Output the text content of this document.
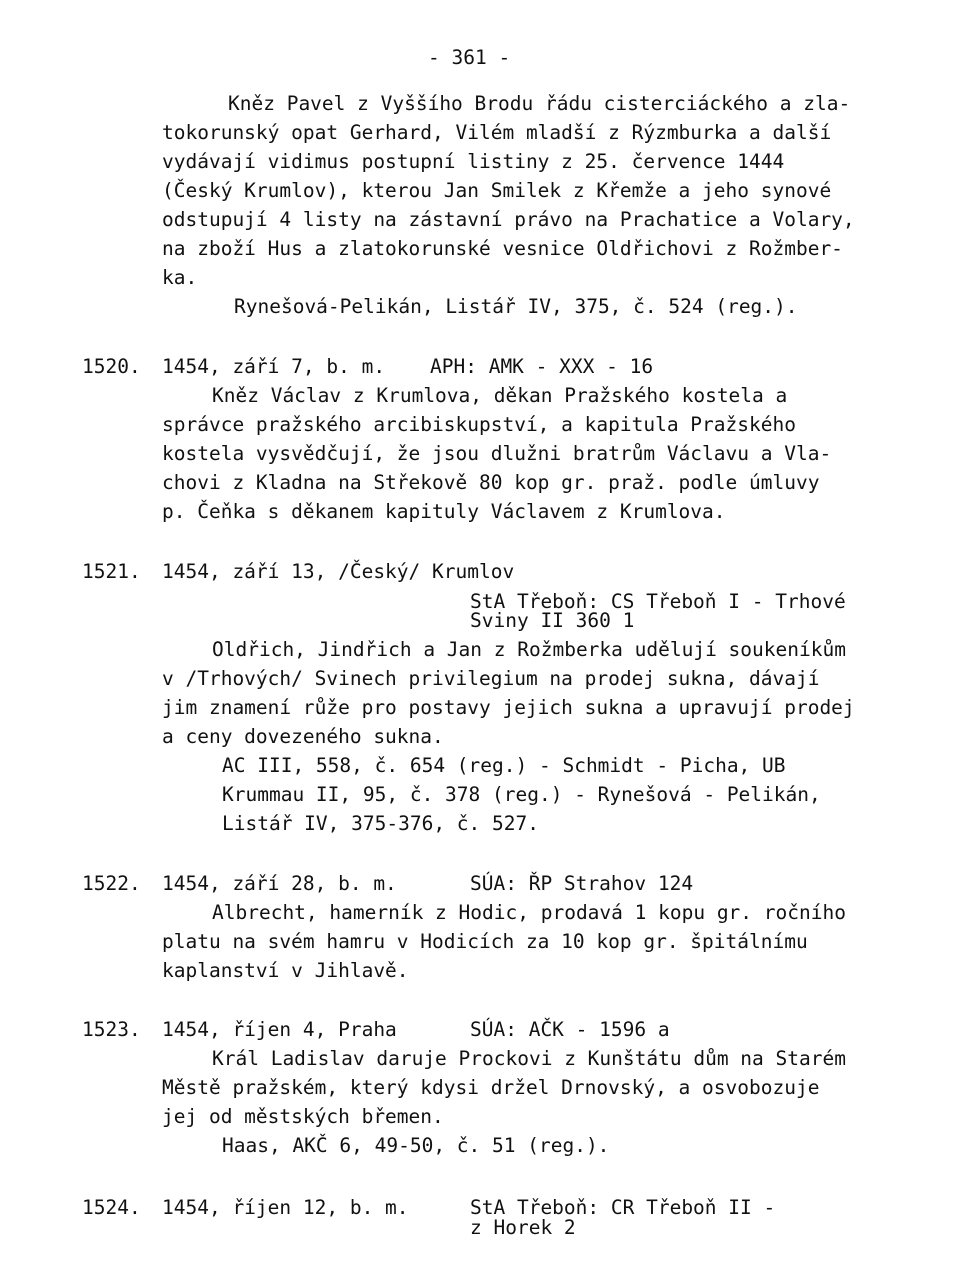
- 361 -
Kněz Pavel z Vyššího Brodu řádu cisterciáckého a zla-
tokorunský opat Gerhard, Vilém mladší z Rýzmburka a další
vydávají vidimus postupní listiny z 25. července 1444
(Český Krumlov), kterou Jan Smilek z Křemže a jeho synové
odstupují 4 listy na zástavní právo na Prachatice a Volary,
na zboží Hus a zlatokorunské vesnice Oldřichovi z Rožmber-
ka.
Rynešová-Pelikán, Listář IV, 375, č. 524 (reg.).
1520. 1454, září 7, b. m. APH: AMK - XXX - 16
Kněz Václav z Krumlova, děkan Pražského kostela a
správce pražského arcibiskupství, a kapitula Pražského
kostela vysvědčují, že jsou dlužni bratrům Václavu a Vla-
chovi z Kladna na Střekově 80 kop gr. praž. podle úmluvy
p. Čeňka s děkanem kapituly Václavem z Krumlova.
1521. 1454, září 13, /Český/ Krumlov
StA Třeboň: CS Třeboň I - Trhové
Sviny II 360 1
Oldřich, Jindřich a Jan z Rožmberka udělují soukeníkům
v /Trhových/ Svinech privilegium na prodej sukna, dávají
jim znamení růže pro postavy jejich sukna a upravují prodej
a ceny dovezeného sukna.
AC III, 558, č. 654 (reg.) - Schmidt - Picha, UB
Krummau II, 95, č. 378 (reg.) - Rynešová - Pelikán,
Listář IV, 375-376, č. 527.
1522. 1454, září 28, b. m.	SÚA: ŘP Strahov 124
Albrecht, hamerník z Hodic, prodavá 1 kopu gr. ročního
platu na svém hamru v Hodicích za 10 kop gr. špitálnímu
kaplanství v Jihlavě.
1523. 1454, říjen 4, Praha	SÚA: AČK - 1596 a
Král Ladislav daruje Prockovi z Kunštátu dům na Starém
Městě pražském, který kdysi držel Drnovský, a osvobozuje
jej od městských břemen.
Haas, AKČ 6, 49-50, č. 51 (reg.).
1524. 1454, říjen 12, b. m.	StA Třeboň: CR Třeboň II -
z Horek 2
